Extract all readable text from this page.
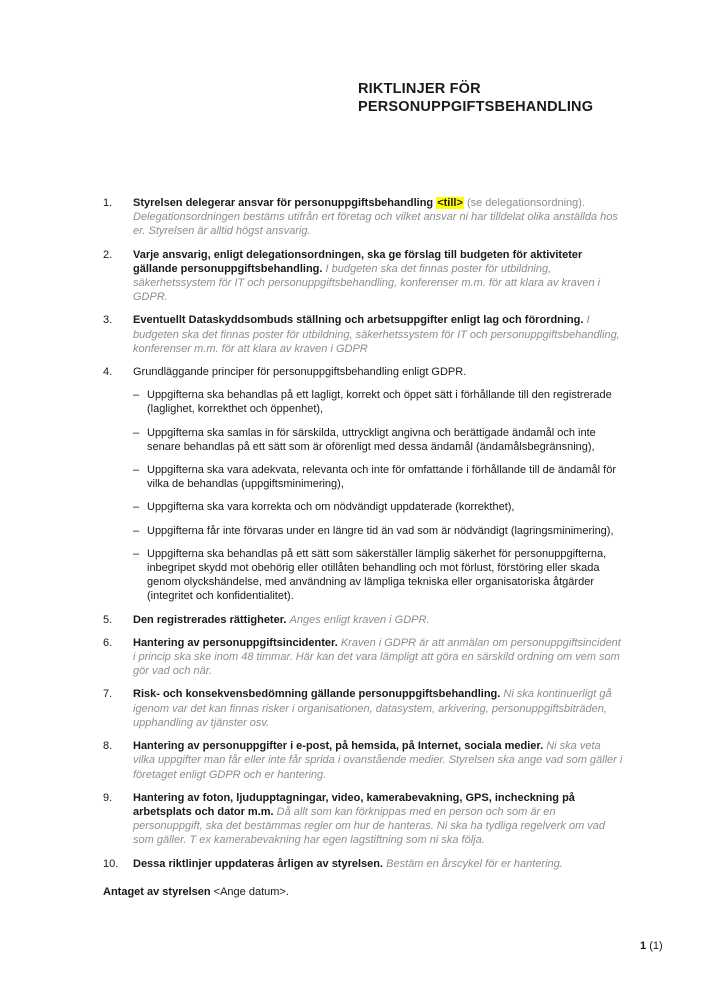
RIKTLINJER FÖR
PERSONUPPGIFTSBEHANDLING
1.	Styrelsen delegerar ansvar för personuppgiftsbehandling <till> (se delegationsordning). Delegationsordningen bestäms utifrån ert företag och vilket ansvar ni har tilldelat olika anställda hos er. Styrelsen är alltid högst ansvarig.

2.	Varje ansvarig, enligt delegationsordningen, ska ge förslag till budgeten för aktiviteter gällande personuppgiftsbehandling. I budgeten ska det finnas poster för utbildning, säkerhetssystem för IT och personuppgiftsbehandling, konferenser m.m. för att klara av kraven i GDPR.

3.	Eventuellt Dataskyddsombuds ställning och arbetsuppgifter enligt lag och förordning. I budgeten ska det finnas poster för utbildning, säkerhetssystem för IT och personuppgiftsbehandling, konferenser m.m. för att klara av kraven i GDPR

4.	Grundläggande principer för personuppgiftsbehandling enligt GDPR.

– Uppgifterna ska behandlas på ett lagligt, korrekt och öppet sätt i förhållande till den registrerade (laglighet, korrekthet och öppenhet),
– Uppgifterna ska samlas in för särskilda, uttryckligt angivna och berättigade ändamål och inte senare behandlas på ett sätt som är oförenligt med dessa ändamål (ändamålsbegränsning),
– Uppgifterna ska vara adekvata, relevanta och inte för omfattande i förhållande till de ändamål för vilka de behandlas (uppgiftsminimering),
– Uppgifterna ska vara korrekta och om nödvändigt uppdaterade (korrekthet),
– Uppgifterna får inte förvaras under en längre tid än vad som är nödvändigt (lagringsminimering),
– Uppgifterna ska behandlas på ett sätt som säkerställer lämplig säkerhet för personuppgifterna, inbegripet skydd mot obehörig eller otillåten behandling och mot förlust, förstöring eller skada genom olyckshändelse, med användning av lämpliga tekniska eller organisatoriska åtgärder (integritet och konfidentialitet).
5.	Den registrerades rättigheter. Anges enligt kraven i GDPR.

6.	Hantering av personuppgiftsincidenter. Kraven i GDPR är att anmälan om personuppgiftsincident i princip ska ske inom 48 timmar. Här kan det vara lämpligt att göra en särskild ordning om vem som gör vad och när.

7.	Risk- och konsekvensbedömning gällande personuppgiftsbehandling. Ni ska kontinuerligt gå igenom var det kan finnas risker i organisationen, datasystem, arkivering, personuppgiftsbiträden, upphandling av tjänster osv.

8.	Hantering av personuppgifter i e-post, på hemsida, på Internet, sociala medier. Ni ska veta vilka uppgifter man får eller inte får sprida i ovanstående medier. Styrelsen ska ange vad som gäller i företaget enligt GDPR och er hantering.

9.	Hantering av foton, ljudupptagningar, video, kamerabevakning, GPS, incheckning på arbetsplats och dator m.m. Då allt som kan förknippas med en person och som är en personuppgift, ska det bestämmas regler om hur de hanteras. Ni ska ha tydliga regelverk om vad som gäller. T ex kamerabevakning har egen lagstiftning som ni ska följa.

10.	Dessa riktlinjer uppdateras årligen av styrelsen. Bestäm en årscykel för er hantering.

Antaget av styrelsen <Ange datum>.
1 (1)
